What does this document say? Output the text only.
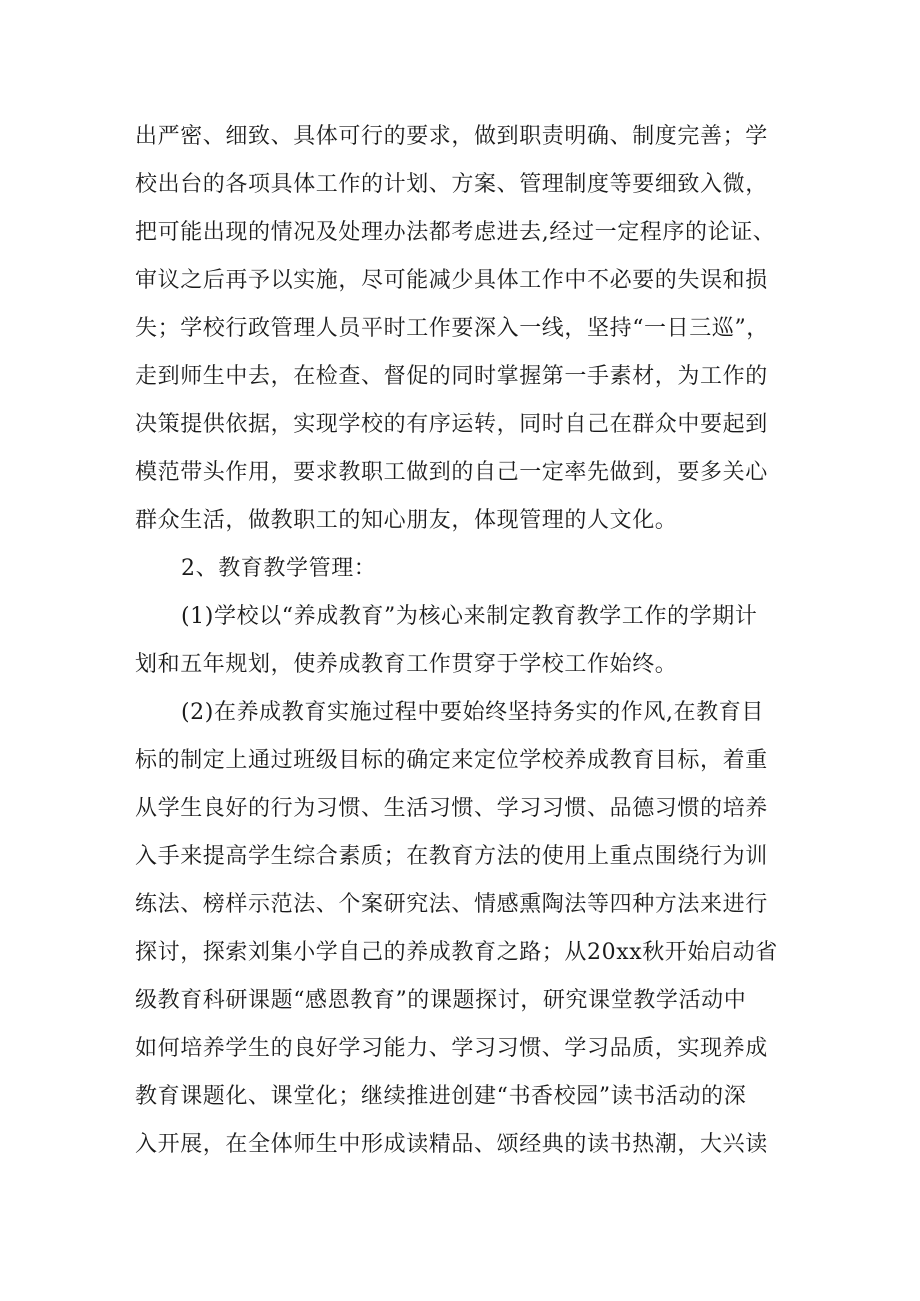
出严密、细致、具体可行的要求，做到职责明确、制度完善；学
校出台的各项具体工作的计划、方案、管理制度等要细致入微，
把可能出现的情况及处理办法都考虑进去,经过一定程序的论证、
审议之后再予以实施，尽可能减少具体工作中不必要的失误和损
失；学校行政管理人员平时工作要深入一线，坚持“一日三巡”，
走到师生中去，在检查、督促的同时掌握第一手素材，为工作的
决策提供依据，实现学校的有序运转，同时自己在群众中要起到
模范带头作用，要求教职工做到的自己一定率先做到，要多关心
群众生活，做教职工的知心朋友，体现管理的人文化。
2、教育教学管理：
(1)学校以“养成教育”为核心来制定教育教学工作的学期计
划和五年规划，使养成教育工作贯穿于学校工作始终。
(2)在养成教育实施过程中要始终坚持务实的作风,在教育目
标的制定上通过班级目标的确定来定位学校养成教育目标，着重
从学生良好的行为习惯、生活习惯、学习习惯、品德习惯的培养
入手来提高学生综合素质；在教育方法的使用上重点围绕行为训
练法、榜样示范法、个案研究法、情感熏陶法等四种方法来进行
探讨，探索刘集小学自己的养成教育之路；从20xx秋开始启动省
级教育科研课题“感恩教育”的课题探讨，研究课堂教学活动中
如何培养学生的良好学习能力、学习习惯、学习品质，实现养成
教育课题化、课堂化；继续推进创建“书香校园”读书活动的深
入开展，在全体师生中形成读精品、颂经典的读书热潮，大兴读
